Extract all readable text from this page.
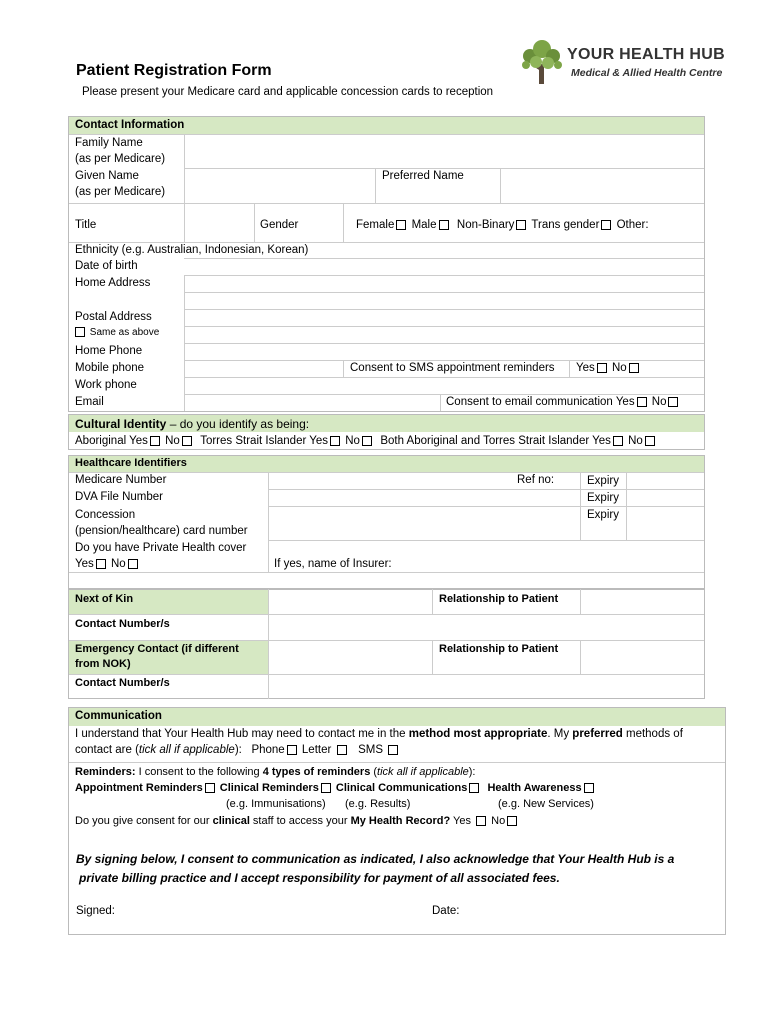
Patient Registration Form
Please present your Medicare card and applicable concession cards to reception
YOUR HEALTH HUB
Medical & Allied Health Centre
Contact Information
Family Name
(as per Medicare)
Given Name
(as per Medicare)
Preferred Name
Title	Gender	Female Male Non-Binary Trans gender Other:
Ethnicity (e.g. Australian, Indonesian, Korean)
Date of birth
Home Address
Postal Address
Same as above
Home Phone
Mobile phone	Consent to SMS appointment reminders Yes No
Work phone
Email	Consent to email communication Yes No
Cultural Identity – do you identify as being:
Aboriginal Yes No Torres Strait Islander Yes No Both Aboriginal and Torres Strait Islander Yes No
Healthcare Identifiers
Medicare Number	Ref no:	Expiry
DVA File Number	Expiry
Concession	Expiry
(pension/healthcare) card number
Do you have Private Health cover
Yes No	If yes, name of Insurer:
Next of Kin	Relationship to Patient
Contact Number/s
Emergency Contact (if different
from NOK)
Relationship to Patient
Contact Number/s
Communication
I understand that Your Health Hub may need to contact me in the method most appropriate. My preferred methods of
contact are (tick all if applicable): Phone Letter SMS
Reminders: I consent to the following 4 types of reminders (tick all if applicable):
Appointment Reminders Clinical Reminders Clinical Communications Health Awareness
(e.g. Immunisations) (e.g. Results)	(e.g. New Services)
Do you give consent for our clinical staff to access your My Health Record? Yes No
By signing below, I consent to communication as indicated, I also acknowledge that Your Health Hub is a
private billing practice and I accept responsibility for payment of all associated fees.
Signed:	Date:
